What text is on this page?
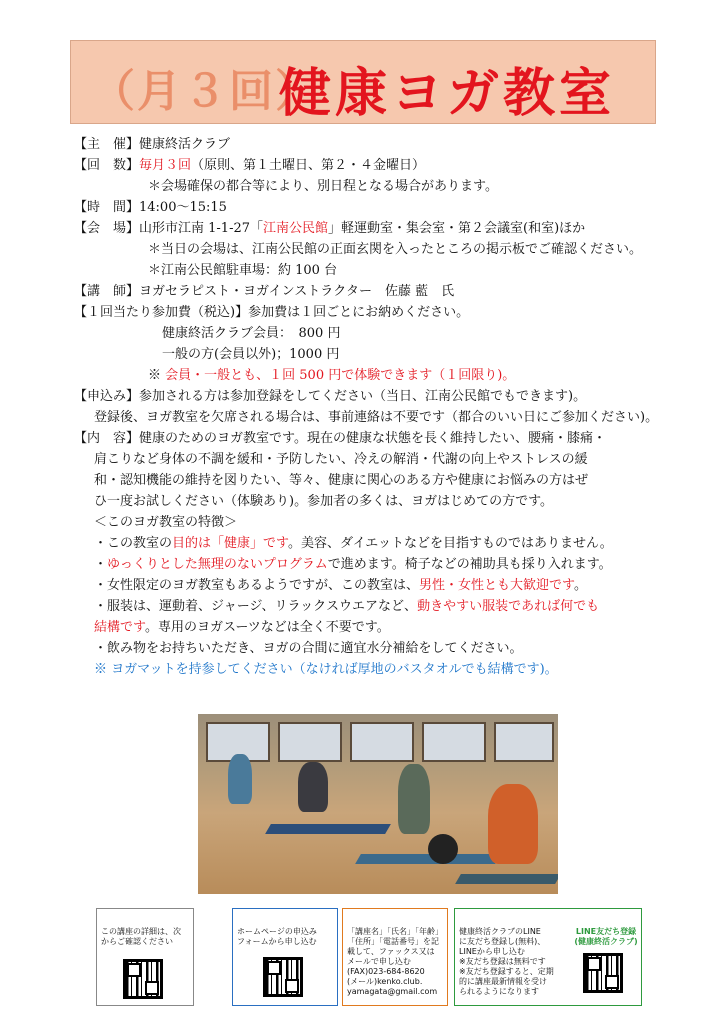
（月３回）
健康ヨガ教室
【主　催】健康終活クラブ
【回　数】毎月３回（原則、第１土曜日、第２・４金曜日）
＊会場確保の都合等により、別日程となる場合があります。
【時　間】14:00～15:15
【会　場】山形市江南 1-1-27「江南公民館」軽運動室・集会室・第２会議室(和室)ほか
＊当日の会場は、江南公民館の正面玄関を入ったところの掲示板でご確認ください。
＊江南公民館駐車場：約 100 台
【講　師】ヨガセラピスト・ヨガインストラクター　佐藤 藍　氏
【１回当たり参加費（税込)】参加費は１回ごとにお納めください。
健康終活クラブ会員：　800 円
一般の方(会員以外)；1000 円
※ 会員・一般とも、１回 500 円で体験できます（１回限り)。
【申込み】参加される方は参加登録をしてください（当日、江南公民館でもできます)。
登録後、ヨガ教室を欠席される場合は、事前連絡は不要です（都合のいい日にご参加ください)。
【内　容】健康のためのヨガ教室です。現在の健康な状態を長く維持したい、腰痛・膝痛・
肩こりなど身体の不調を緩和・予防したい、冷えの解消・代謝の向上やストレスの緩
和・認知機能の維持を図りたい、等々、健康に関心のある方や健康にお悩みの方はぜ
ひ一度お試しください（体験あり)。参加者の多くは、ヨガはじめての方です。
＜このヨガ教室の特徴＞
・この教室の目的は「健康」です。美容、ダイエットなどを目指すものではありません。
・ゆっくりとした無理のないプログラムで進めます。椅子などの補助具も採り入れます。
・女性限定のヨガ教室もあるようですが、この教室は、男性・女性とも大歓迎です。
・服装は、運動着、ジャージ、リラックスウエアなど、動きやすい服装であれば何でも
結構です。専用のヨガスーツなどは全く不要です。
・飲み物をお持ちいただき、ヨガの合間に適宜水分補給をしてください。
※ ヨガマットを持参してください（なければ厚地のバスタオルでも結構です)。
この講座の詳細
この講座の詳細は、次
からご確認ください
受講申込方法 ①
ホームページの申込み
フォームから申し込む
受講申込方法 ②
「講座名」「氏名」「年齢」
「住所」「電話番号」を記
載して、ファックス又は
メールで申し込む
(FAX)023-684-8620
(メール)kenko.club.
yamagata@gmail.com
受講申込方法 ③
健康終活クラブのLINE
に友だち登録し(無料)、
LINEから申し込む
※友だち登録は無料です
※友だち登録すると、定期
的に講座最新情報を受け
られるようになります
LINE友だち登録
(健康終活クラブ)
